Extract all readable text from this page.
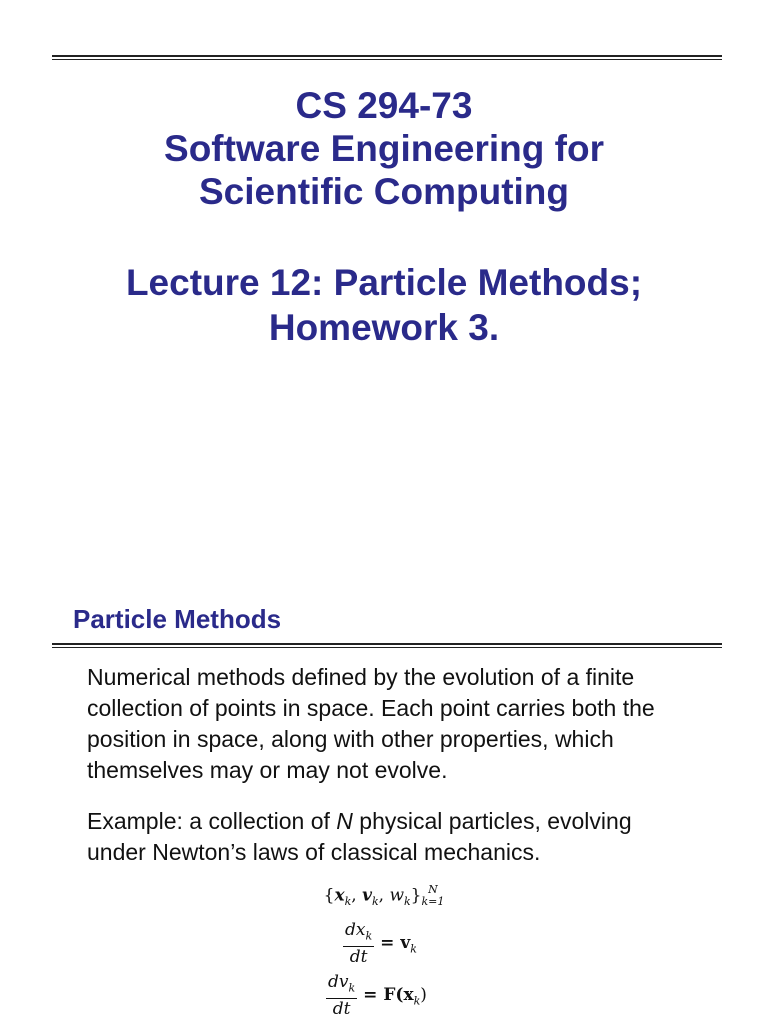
CS 294-73
Software Engineering for
Scientific Computing
Lecture 12: Particle Methods;
Homework 3.
Particle Methods
Numerical methods defined by the evolution of a finite
collection of points in space. Each point carries both the
position in space, along with other properties, which
themselves may or may not evolve.
Example: a collection of N physical particles, evolving
under Newton’s laws of classical mechanics.
{$x_k$, $v_k$, $w_k$} N
k=1
$\frac{dx_k}{dt} = v_k$
$\frac{dv_k}{dt} = F(x_k)$
